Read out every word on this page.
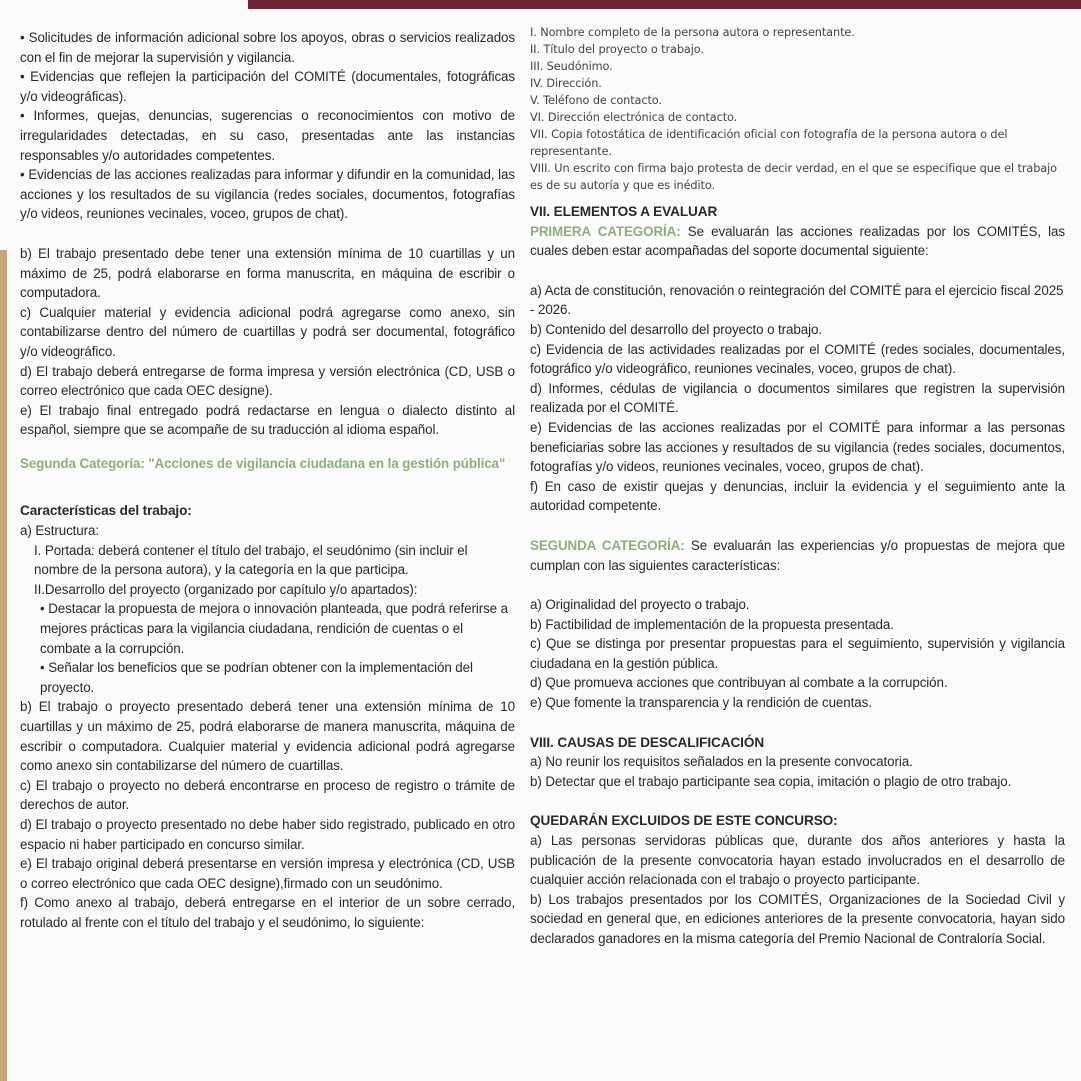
• Solicitudes de información adicional sobre los apoyos, obras o servicios realizados con el fin de mejorar la supervisión y vigilancia.

• Evidencias que reflejen la participación del COMITÉ (documentales, fotográficas y/o videográficas).

• Informes, quejas, denuncias, sugerencias o reconocimientos con motivo de irregularidades detectadas, en su caso, presentadas ante las instancias responsables y/o autoridades competentes.

• Evidencias de las acciones realizadas para informar y difundir en la comunidad, las acciones y los resultados de su vigilancia (redes sociales, documentos, fotografías y/o videos, reuniones vecinales, voceo, grupos de chat).

b) El trabajo presentado debe tener una extensión mínima de 10 cuartillas y un máximo de 25, podrá elaborarse en forma manuscrita, en máquina de escribir o computadora.

c) Cualquier material y evidencia adicional podrá agregarse como anexo, sin contabilizarse dentro del número de cuartillas y podrá ser documental, fotográfico y/o videográfico.

d) El trabajo deberá entregarse de forma impresa y versión electrónica (CD, USB o correo electrónico que cada OEC designe).

e) El trabajo final entregado podrá redactarse en lengua o dialecto distinto al español, siempre que se acompañe de su traducción al idioma español.

Segunda Categoría: "Acciones de vigilancia ciudadana en la gestión pública"

Características del trabajo:

a) Estructura:

I. Portada: deberá contener el título del trabajo, el seudónimo (sin incluir el nombre de la persona autora), y la categoría en la que participa.

II.Desarrollo del proyecto (organizado por capítulo y/o apartados):

• Destacar la propuesta de mejora o innovación planteada, que podrá referirse a mejores prácticas para la vigilancia ciudadana, rendición de cuentas o el combate a la corrupción.

• Señalar los beneficios que se podrían obtener con la implementación del proyecto.

b) El trabajo o proyecto presentado deberá tener una extensión mínima de 10 cuartillas y un máximo de 25, podrá elaborarse de manera manuscrita, máquina de escribir o computadora. Cualquier material y evidencia adicional podrá agregarse como anexo sin contabilizarse del número de cuartillas.

c) El trabajo o proyecto no deberá encontrarse en proceso de registro o trámite de derechos de autor.

d) El trabajo o proyecto presentado no debe haber sido registrado, publicado en otro espacio ni haber participado en concurso similar.

e) El trabajo original deberá presentarse en versión impresa y electrónica (CD, USB o correo electrónico que cada OEC designe),firmado con un seudónimo.

f) Como anexo al trabajo, deberá entregarse en el interior de un sobre cerrado, rotulado al frente con el título del trabajo y el seudónimo, lo siguiente:

I. Nombre completo de la persona autora o representante.

II. Título del proyecto o trabajo.

III. Seudónimo.

IV. Dirección.

V. Teléfono de contacto.

VI. Dirección electrónica de contacto.

VII. Copia fotostática de identificación oficial con fotografía de la persona autora o del representante.

VIII. Un escrito con firma bajo protesta de decir verdad, en el que se especifique que el trabajo es de su autoría y que es inédito.

VII. ELEMENTOS A EVALUAR

PRIMERA CATEGORÍA: Se evaluarán las acciones realizadas por los COMITÉS, las cuales deben estar acompañadas del soporte documental siguiente:

a) Acta de constitución, renovación o reintegración del COMITÉ para el ejercicio fiscal 2025 - 2026.

b) Contenido del desarrollo del proyecto o trabajo.

c) Evidencia de las actividades realizadas por el COMITÉ (redes sociales, documentales, fotográfico y/o videográfico, reuniones vecinales, voceo, grupos de chat).

d) Informes, cédulas de vigilancia o documentos similares que registren la supervisión realizada por el COMITÉ.

e) Evidencias de las acciones realizadas por el COMITÉ para informar a las personas beneficiarias sobre las acciones y resultados de su vigilancia (redes sociales, documentos, fotografías y/o videos, reuniones vecinales, voceo, grupos de chat).

f) En caso de existir quejas y denuncias, incluir la evidencia y el seguimiento ante la autoridad competente.

SEGUNDA CATEGORÍA: Se evaluarán las experiencias y/o propuestas de mejora que cumplan con las siguientes características:

a) Originalidad del proyecto o trabajo.

b) Factibilidad de implementación de la propuesta presentada.

c) Que se distinga por presentar propuestas para el seguimiento, supervisión y vigilancia ciudadana en la gestión pública.

d) Que promueva acciones que contribuyan al combate a la corrupción.

e) Que fomente la transparencia y la rendición de cuentas.

VIII. CAUSAS DE DESCALIFICACIÓN

a) No reunir los requisitos señalados en la presente convocatoria.

b) Detectar que el trabajo participante sea copia, imitación o plagio de otro trabajo.

QUEDARÁN EXCLUIDOS DE ESTE CONCURSO:

a) Las personas servidoras públicas que, durante dos años anteriores y hasta la publicación de la presente convocatoria hayan estado involucrados en el desarrollo de cualquier acción relacionada con el trabajo o proyecto participante.

b) Los trabajos presentados por los COMITÉS, Organizaciones de la Sociedad Civil y sociedad en general que, en ediciones anteriores de la presente convocatoria, hayan sido declarados ganadores en la misma categoría del Premio Nacional de Contraloría Social.
